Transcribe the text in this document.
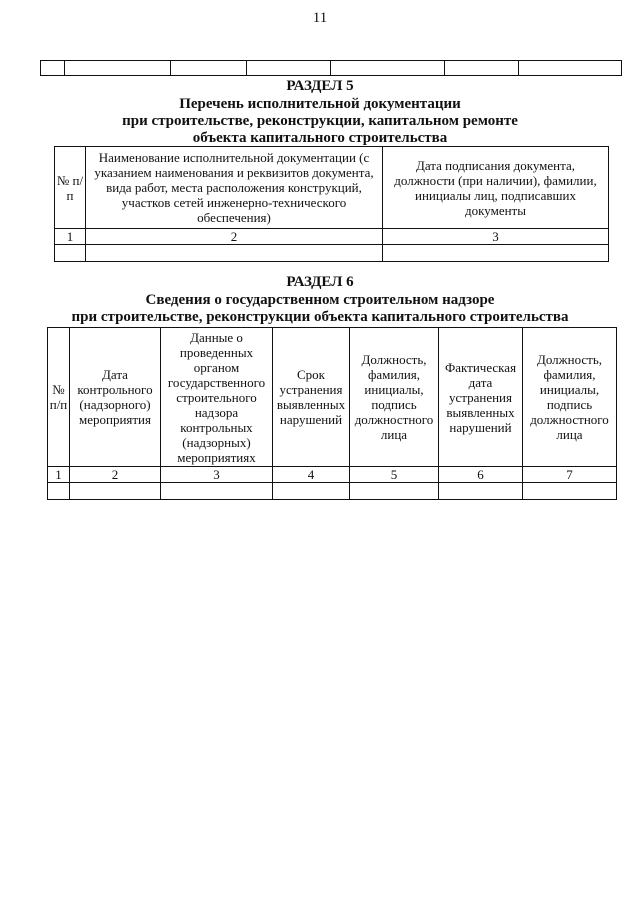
11

РАЗДЕЛ 5
Перечень исполнительной документации
при строительстве, реконструкции, капитальном ремонте
объекта капитального строительства
№ п/п	Наименование исполнительной документации (с указанием наименования и реквизитов документа, вида работ, места расположения конструкций, участков сетей инженерно-технического обеспечения)	Дата подписания документа, должности (при наличии), фамилии, инициалы лиц, подписавших документы
1	2	3

РАЗДЕЛ 6
Сведения о государственном строительном надзоре
при строительстве, реконструкции объекта капитального строительства
№ п/п	Дата контрольного (надзорного) мероприятия	Данные о проведенных органом государственного строительного надзора контрольных (надзорных) мероприятиях	Срок устранения выявленных нарушений	Должность, фамилия, инициалы, подпись должностного лица	Фактическая дата устранения выявленных нарушений	Должность, фамилия, инициалы, подпись должностного лица
1	2	3	4	5	6	7
